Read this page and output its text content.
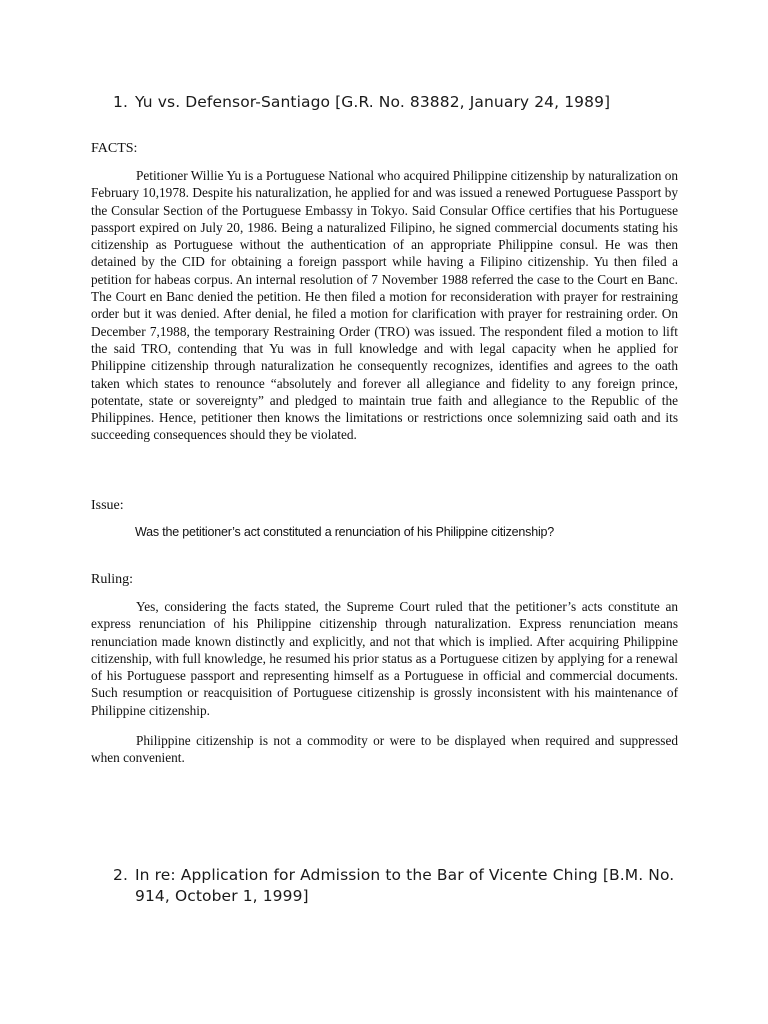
1. Yu vs. Defensor-Santiago [G.R. No. 83882, January 24, 1989]
FACTS:

Petitioner Willie Yu is a Portuguese National who acquired Philippine citizenship by naturalization on February 10,1978. Despite his naturalization, he applied for and was issued a renewed Portuguese Passport by the Consular Section of the Portuguese Embassy in Tokyo. Said Consular Office certifies that his Portuguese passport expired on July 20, 1986. Being a naturalized Filipino, he signed commercial documents stating his citizenship as Portuguese without the authentication of an appropriate Philippine consul. He was then detained by the CID for obtaining a foreign passport while having a Filipino citizenship. Yu then filed a petition for habeas corpus. An internal resolution of 7 November 1988 referred the case to the Court en Banc. The Court en Banc denied the petition. He then filed a motion for reconsideration with prayer for restraining order but it was denied. After denial, he filed a motion for clarification with prayer for restraining order. On December 7,1988, the temporary Restraining Order (TRO) was issued. The respondent filed a motion to lift the said TRO, contending that Yu was in full knowledge and with legal capacity when he applied for Philippine citizenship through naturalization he consequently recognizes, identifies and agrees to the oath taken which states to renounce “absolutely and forever all allegiance and fidelity to any foreign prince, potentate, state or sovereignty” and pledged to maintain true faith and allegiance to the Republic of the Philippines. Hence, petitioner then knows the limitations or restrictions once solemnizing said oath and its succeeding consequences should they be violated.

Issue:
Was the petitioner’s act constituted a renunciation of his Philippine citizenship?
Ruling:

Yes, considering the facts stated, the Supreme Court ruled that the petitioner’s acts constitute an express renunciation of his Philippine citizenship through naturalization. Express renunciation means renunciation made known distinctly and explicitly, and not that which is implied. After acquiring Philippine citizenship, with full knowledge, he resumed his prior status as a Portuguese citizen by applying for a renewal of his Portuguese passport and representing himself as a Portuguese in official and commercial documents. Such resumption or reacquisition of Portuguese citizenship is grossly inconsistent with his maintenance of Philippine citizenship.

Philippine citizenship is not a commodity or were to be displayed when required and suppressed when convenient.

2. In re: Application for Admission to the Bar of Vicente Ching [B.M. No. 914, October 1, 1999]
